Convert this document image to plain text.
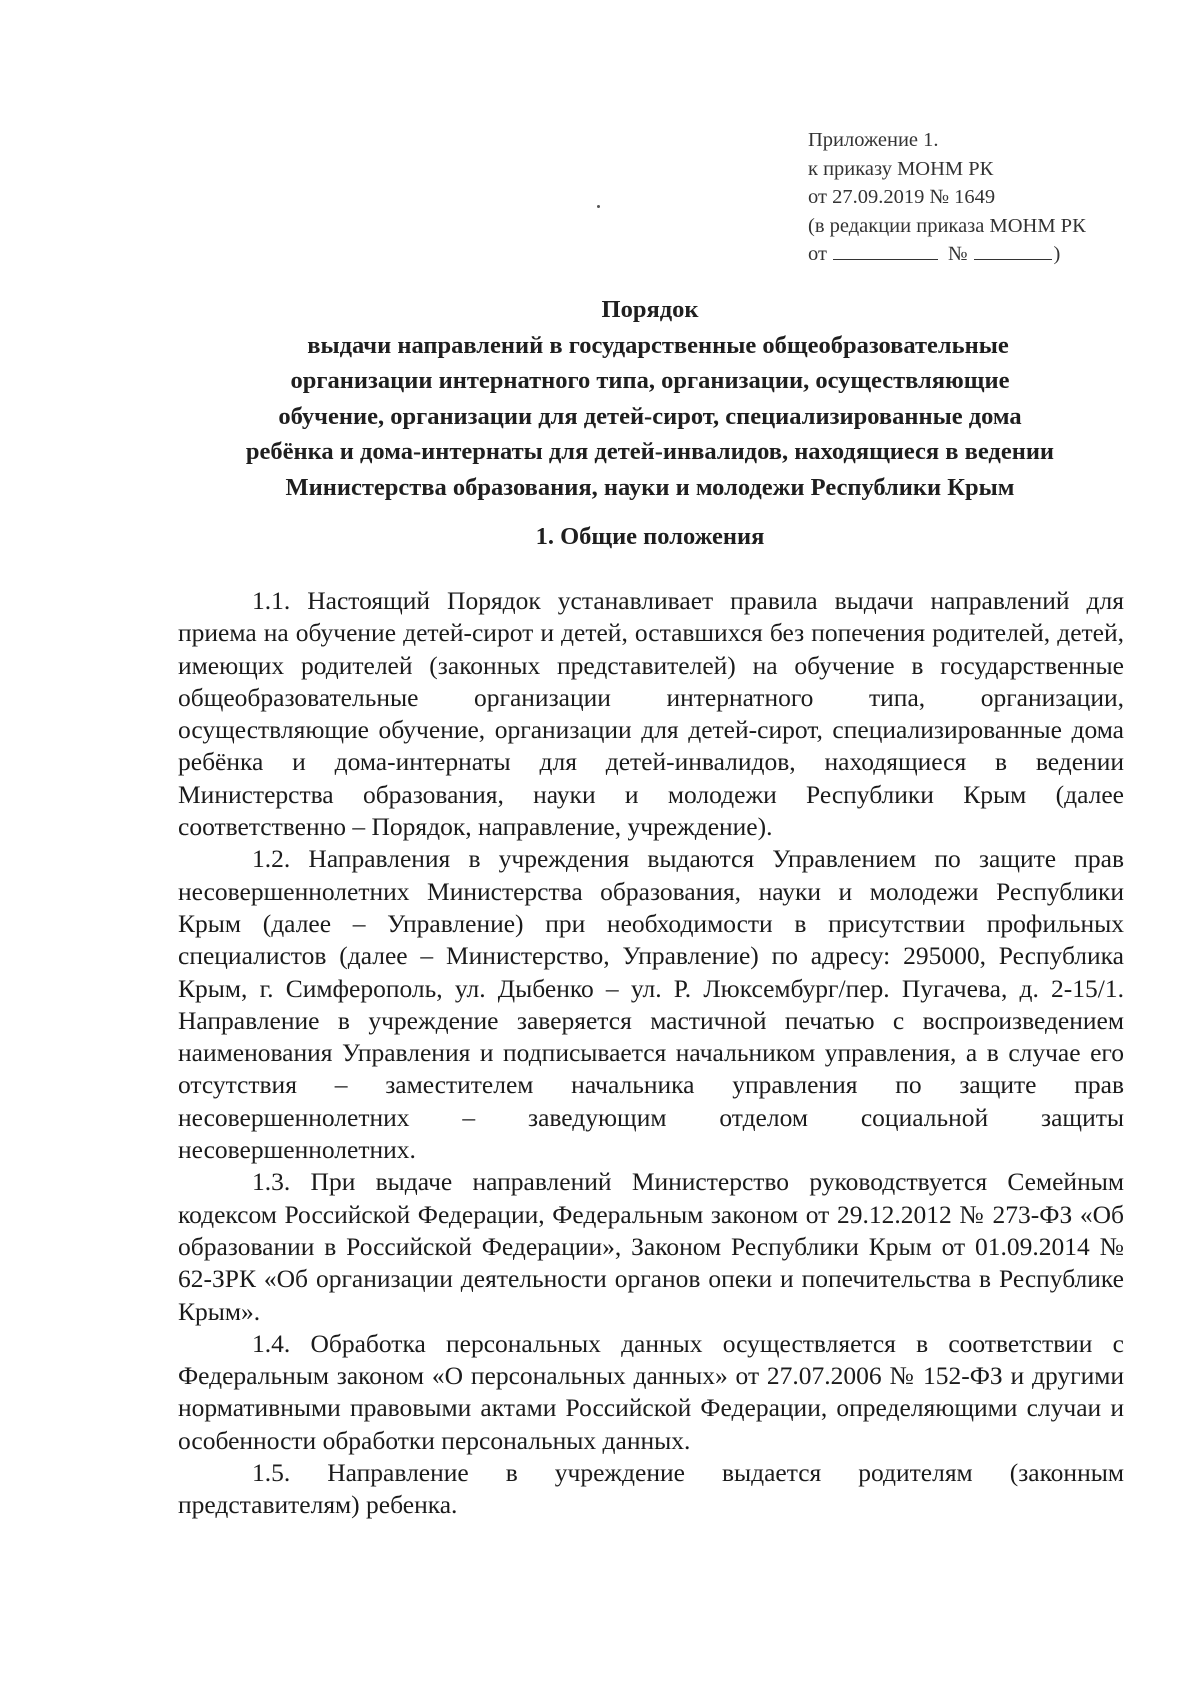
Приложение 1.
к приказу МОНМ РК
от 27.09.2019 № 1649
(в редакции приказа МОНМ РК
от	№	)
Порядок
выдачи направлений в государственные общеобразовательные
организации интернатного типа, организации, осуществляющие
обучение, организации для детей-сирот, специализированные дома
ребёнка и дома-интернаты для детей-инвалидов, находящиеся в ведении
Министерства образования, науки и молодежи Республики Крым
1. Общие положения

1.1. Настоящий Порядок устанавливает правила выдачи направлений для приема на обучение детей-сирот и детей, оставшихся без попечения родителей, детей, имеющих родителей (законных представителей) на обучение в государственные общеобразовательные организации интернатного типа, организации, осуществляющие обучение, организации для детей-сирот, специализированные дома ребёнка и дома-интернаты для детей-инвалидов, находящиеся в ведении Министерства образования, науки и молодежи Республики Крым (далее соответственно – Порядок, направление, учреждение).

1.2. Направления в учреждения выдаются Управлением по защите прав несовершеннолетних Министерства образования, науки и молодежи Республики Крым (далее – Управление) при необходимости в присутствии профильных специалистов (далее – Министерство, Управление) по адресу: 295000, Республика Крым, г. Симферополь, ул. Дыбенко – ул. Р. Люксембург/пер. Пугачева, д. 2-15/1. Направление в учреждение заверяется мастичной печатью с воспроизведением наименования Управления и подписывается начальником управления, а в случае его отсутствия – заместителем начальника управления по защите прав несовершеннолетних – заведующим отделом социальной защиты несовершеннолетних.

1.3. При выдаче направлений Министерство руководствуется Семейным кодексом Российской Федерации, Федеральным законом от 29.12.2012 № 273-ФЗ «Об образовании в Российской Федерации», Законом Республики Крым от 01.09.2014 № 62-ЗРК «Об организации деятельности органов опеки и попечительства в Республике Крым».

1.4. Обработка персональных данных осуществляется в соответствии с Федеральным законом «О персональных данных» от 27.07.2006 № 152-ФЗ и другими нормативными правовыми актами Российской Федерации, определяющими случаи и особенности обработки персональных данных.

1.5. Направление в учреждение выдается родителям (законным представителям) ребенка.
